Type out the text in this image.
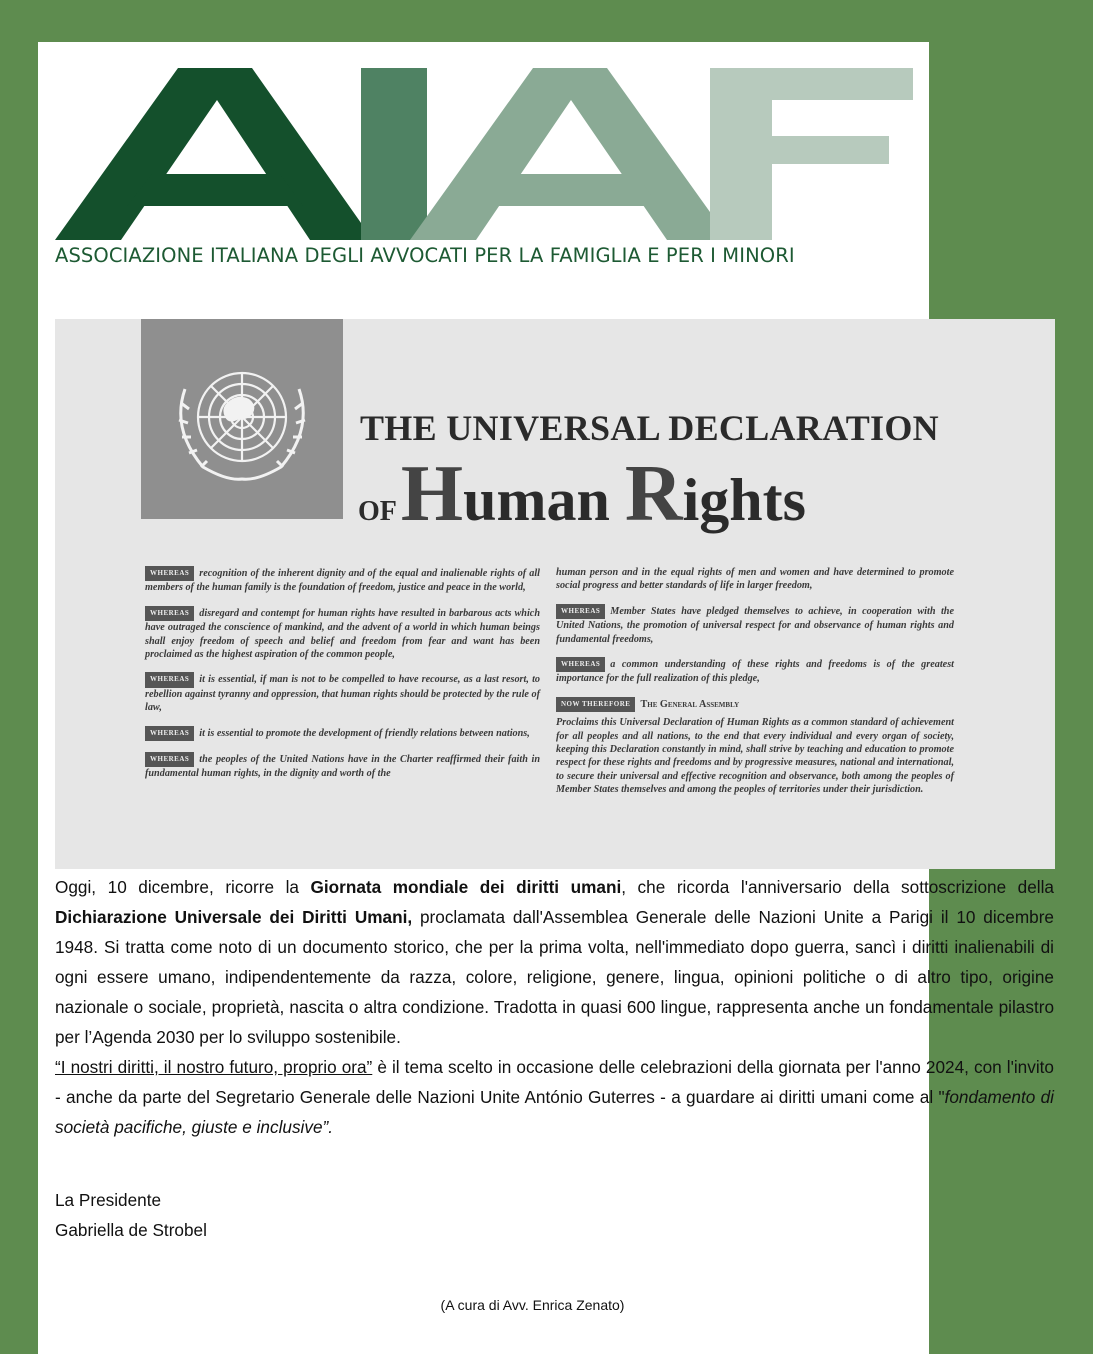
ASSOCIAZIONE ITALIANA DEGLI AVVOCATI PER LA FAMIGLIA E PER I MINORI
THE UNIVERSAL DECLARATION
OF Human Rights

WHEREAS recognition of the inherent dignity and of the equal and inalienable rights of all members of the human family is the foundation of freedom, justice and peace in the world,

WHEREAS disregard and contempt for human rights have resulted in barbarous acts which have outraged the conscience of mankind, and the advent of a world in which human beings shall enjoy freedom of speech and belief and freedom from fear and want has been proclaimed as the highest aspiration of the common people,

WHEREAS it is essential, if man is not to be compelled to have recourse, as a last resort, to rebellion against tyranny and oppression, that human rights should be protected by the rule of law,

WHEREAS it is essential to promote the development of friendly relations between nations,

WHEREAS the peoples of the United Nations have in the Charter reaffirmed their faith in fundamental human rights, in the dignity and worth of the

human person and in the equal rights of men and women and have determined to promote social progress and better standards of life in larger freedom,

WHEREAS Member States have pledged themselves to achieve, in cooperation with the United Nations, the promotion of universal respect for and observance of human rights and fundamental freedoms,

WHEREAS a common understanding of these rights and freedoms is of the greatest importance for the full realization of this pledge,

NOW THEREFORE The General Assembly

Proclaims this Universal Declaration of Human Rights as a common standard of achievement for all peoples and all nations, to the end that every individual and every organ of society, keeping this Declaration constantly in mind, shall strive by teaching and education to promote respect for these rights and freedoms and by progressive measures, national and international, to secure their universal and effective recognition and observance, both among the peoples of Member States themselves and among the peoples of territories under their jurisdiction.

Oggi, 10 dicembre, ricorre la Giornata mondiale dei diritti umani, che ricorda l'anniversario della sottoscrizione della Dichiarazione Universale dei Diritti Umani, proclamata dall'Assemblea Generale delle Nazioni Unite a Parigi il 10 dicembre 1948. Si tratta come noto di un documento storico, che per la prima volta, nell'immediato dopo guerra, sancì i diritti inalienabili di ogni essere umano, indipendentemente da razza, colore, religione, genere, lingua, opinioni politiche o di altro tipo, origine nazionale o sociale, proprietà, nascita o altra condizione. Tradotta in quasi 600 lingue, rappresenta anche un fondamentale pilastro per l’Agenda 2030 per lo sviluppo sostenibile.

“I nostri diritti, il nostro futuro, proprio ora” è il tema scelto in occasione delle celebrazioni della giornata per l'anno 2024, con l'invito - anche da parte del Segretario Generale delle Nazioni Unite António Guterres - a guardare ai diritti umani come al "fondamento di società pacifiche, giuste e inclusive”.

La Presidente
Gabriella de Strobel
(A cura di Avv. Enrica Zenato)
